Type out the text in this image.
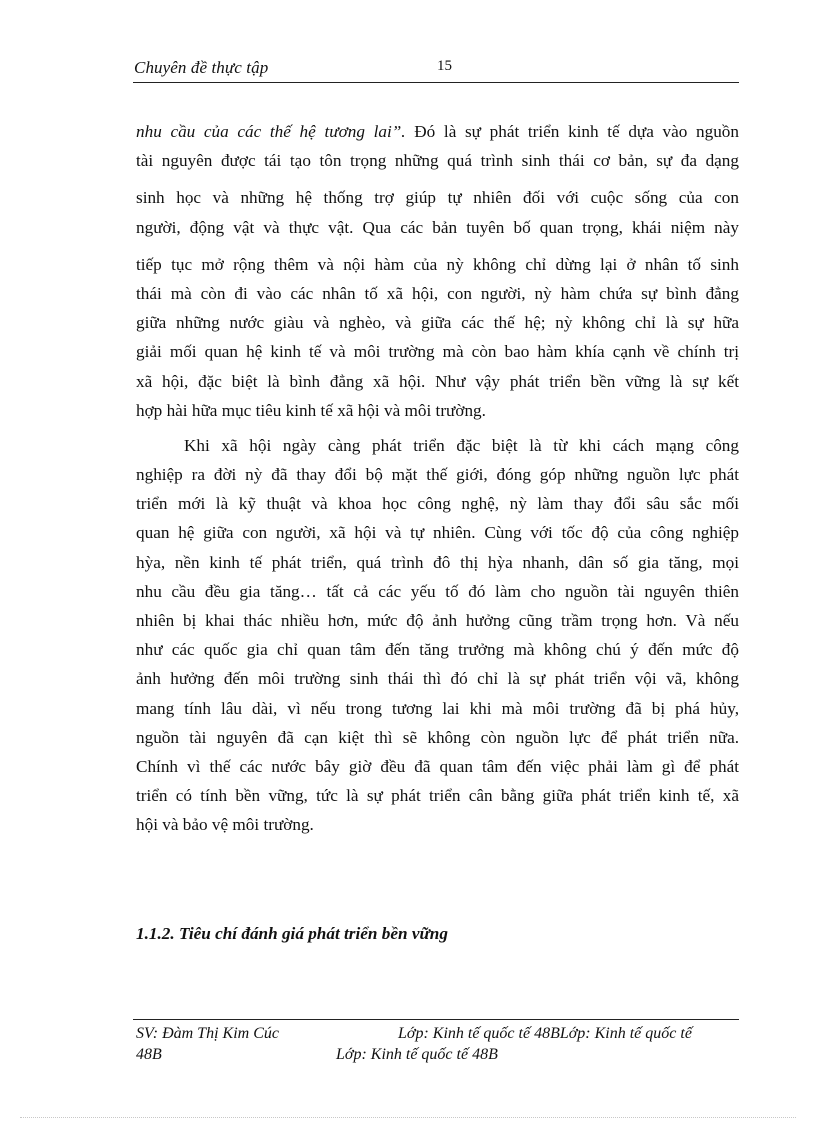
Chuyên đề thực tập	15
nhu cầu của các thế hệ tương lai”. Đó là sự phát triển kinh tế dựa vào nguồn
tài nguyên được tái tạo tôn trọng những quá trình sinh thái cơ bản, sự đa dạng
sinh học và những hệ thống trợ giúp tự nhiên đối với cuộc sống của con
người, động vật và thực vật. Qua các bản tuyên bố quan trọng, khái niệm này
tiếp tục mở rộng thêm và nội hàm của nỳ không chỉ dừng lại ở nhân tố sinh
thái mà còn đi vào các nhân tố xã hội, con người, nỳ hàm chứa sự bình đẳng
giữa những nước giàu và nghèo, và giữa các thế hệ; nỳ không chỉ là sự hữa
giải mối quan hệ kinh tế và môi trường mà còn bao hàm khía cạnh về chính trị
xã hội, đặc biệt là bình đẳng xã hội. Như vậy phát triển bền vững là sự kết
hợp hài hữa mục tiêu kinh tế xã hội và môi trường.
Khi xã hội ngày càng phát triển đặc biệt là từ khi cách mạng công
nghiệp ra đời nỳ đã thay đổi bộ mặt thế giới, đóng góp những nguồn lực phát
triển mới là kỹ thuật và khoa học công nghệ, nỳ làm thay đổi sâu sắc mối
quan hệ giữa con người, xã hội và tự nhiên. Cùng với tốc độ của công nghiệp
hỳa, nền kinh tế phát triển, quá trình đô thị hỳa nhanh, dân số gia tăng, mọi
nhu cầu đều gia tăng… tất cả các yếu tố đó làm cho nguồn tài nguyên thiên
nhiên bị khai thác nhiều hơn, mức độ ảnh hưởng cũng trầm trọng hơn. Và nếu
như các quốc gia chỉ quan tâm đến tăng trưởng mà không chú ý đến mức độ
ảnh hưởng đến môi trường sinh thái thì đó chỉ là sự phát triển vội vã, không
mang tính lâu dài, vì nếu trong tương lai khi mà môi trường đã bị phá hủy,
nguồn tài nguyên đã cạn kiệt thì sẽ không còn nguồn lực để phát triển nữa.
Chính vì thế các nước bây giờ đều đã quan tâm đến việc phải làm gì để phát
triển có tính bền vững, tức là sự phát triển cân bằng giữa phát triển kinh tế, xã
hội và bảo vệ môi trường.
1.1.2. Tiêu chí đánh giá phát triển bền vững
SV: Đàm Thị Kim Cúc	Lớp: Kinh tế quốc tế 48BLớp: Kinh tế quốc tế
48B	Lớp: Kinh tế quốc tế 48B
